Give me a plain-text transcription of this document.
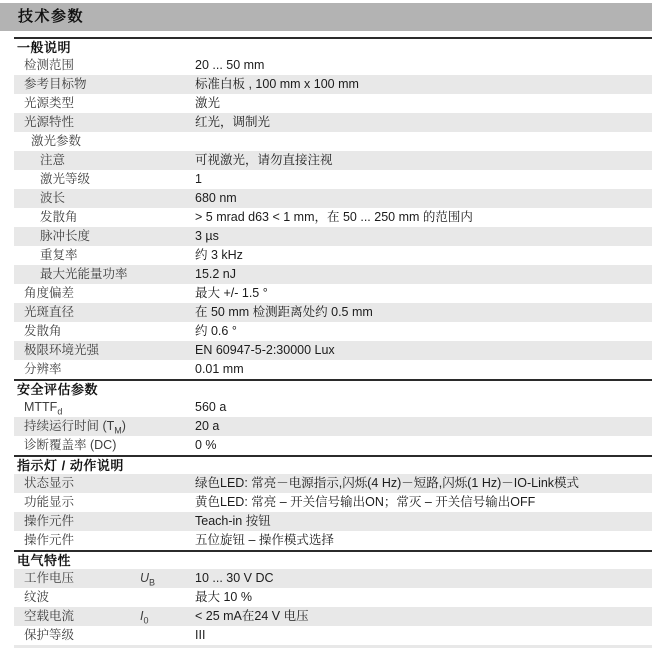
技术参数
一般说明
检测范围	20 ... 50 mm
参考目标物	标准白板 , 100 mm x 100 mm
光源类型	激光
光源特性	红光，调制光
激光参数
注意	可视激光，请勿直接注视
激光等级	1
波长	680 nm
发散角	> 5 mrad d63 < 1 mm，在 50 ... 250 mm 的范围内
脉冲长度	3 µs
重复率	约 3 kHz
最大光能量功率	15.2 nJ
角度偏差	最大 +/- 1.5 °
光斑直径	在 50 mm 检测距离处约 0.5 mm
发散角	约 0.6 °
极限环境光强	EN 60947-5-2:30000 Lux
分辨率	0.01 mm
安全评估参数
$MTTF_d$	560 a
持续运行时间 $(T_M)$	20 a
诊断覆盖率 (DC)	0 %
指示灯 / 动作说明
状态显示	绿色LED: 常亮－电源指示,闪烁(4 Hz)－短路,闪烁(1 Hz)－IO-Link模式
功能显示	黄色LED: 常亮 – 开关信号输出ON；常灭 – 开关信号输出OFF
操作元件	Teach-in 按钮
操作元件	五位旋钮 – 操作模式选择
电气特性
工作电压	$U_B$	10 ... 30 V DC
纹波	最大 10 %
空载电流	$I_0$	< 25 mA在24 V 电压
保护等级	III
